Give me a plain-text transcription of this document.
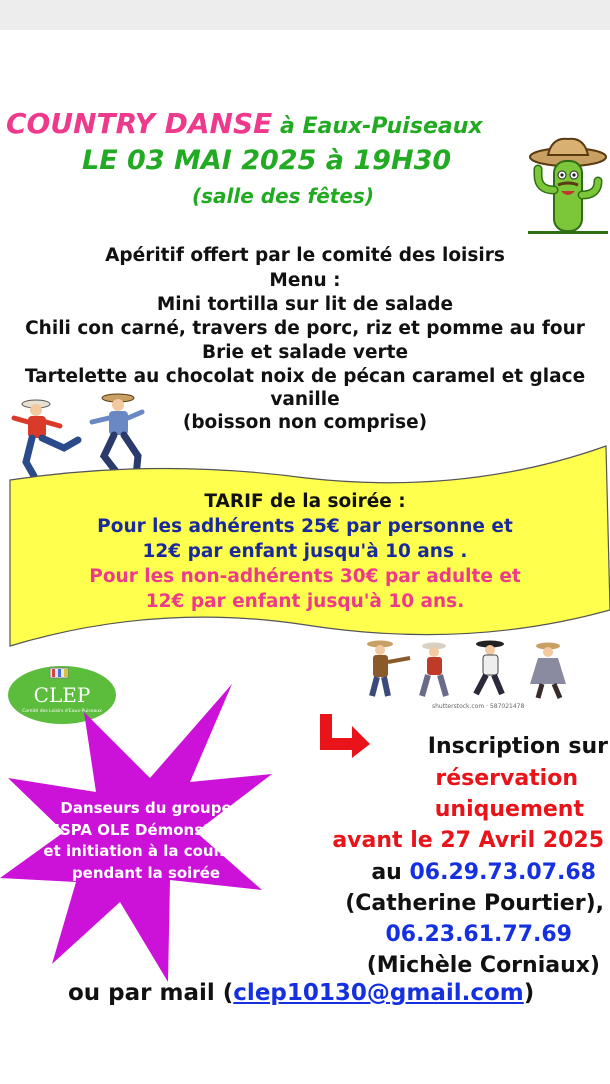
COUNTRY DANSE à Eaux-Puiseaux
LE 03 MAI 2025 à 19H30
(salle des fêtes)
Apéritif offert par le comité des loisirs
Menu :
Mini tortilla sur lit de salade
Chili con carné, travers de porc, riz et pomme au four
Brie et salade verte
Tartelette au chocolat noix de pécan caramel et glace
vanille
(boisson non comprise)
TARIF de la soirée :
Pour les adhérents 25€ par personne et
12€ par enfant jusqu'à 10 ans .
Pour les non-adhérents 30€ par adulte et
12€ par enfant jusqu'à 10 ans.
shutterstock.com · 587021478
CLEP
Comité des Loisirs d'Eaux-Puiseaux
Danseurs du groupe CHISPA OLE Démonstration et initiation à la country pendant la soirée
Inscription sur
réservation
uniquement
avant le 27 Avril 2025
au 06.29.73.07.68
(Catherine Pourtier),
06.23.61.77.69
(Michèle Corniaux)
ou par mail (clep10130@gmail.com)
